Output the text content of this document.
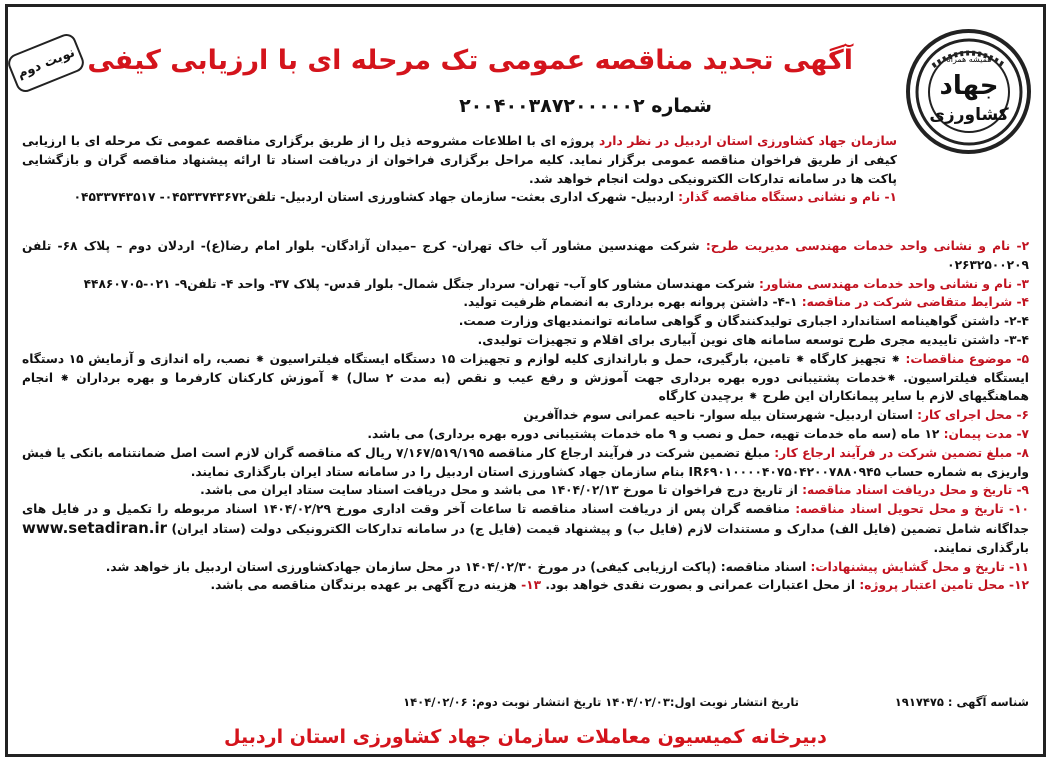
نوبت دوم آگهی تجدید مناقصه عمومی تک مرحله ای با ارزیابی کیفی
شماره ۲۰۰۴۰۰۳۸۷۲۰۰۰۰۰۲
جهاد
کشاورزی
همیشه همراه

سازمان جهاد کشاورزی استان اردبیل در نظر دارد پروژه ای با اطلاعات مشروحه ذیل را از طریق برگزاری مناقصه عمومی تک مرحله ای با ارزیابی کیفی از طریق فراخوان مناقصه عمومی برگزار نماید. کلیه مراحل برگزاری فراخوان از دریافت اسناد تا ارائه پیشنهاد مناقصه گران و بازگشایی پاکت ها در سامانه تدارکات الکترونیکی دولت انجام خواهد شد.

۱- نام و نشانی دستگاه مناقصه گذار: اردبیل- شهرک اداری بعثت- سازمان جهاد کشاورزی استان اردبیل- تلفن۰۴۵۳۳۷۴۳۶۷۲- ۰۴۵۳۳۷۴۳۵۱۷

۲- نام و نشانی واحد خدمات مهندسی مدیریت طرح: شرکت مهندسین مشاور آب خاک تهران- کرج –میدان آزادگان- بلوار امام رضا(ع)- اردلان دوم – پلاک ۶۸- تلفن ۰۲۶۳۲۵۰۰۲۰۹

۳- نام و نشانی واحد خدمات مهندسی مشاور: شرکت مهندسان مشاور کاو آب- تهران- سردار جنگل شمال- بلوار قدس- پلاک ۳۷- واحد ۴- تلفن۹- ۰۲۱-۴۴۸۶۰۷۰۵

۴- شرایط متقاضی شرکت در مناقصه: ۱-۴- داشتن پروانه بهره برداری به انضمام ظرفیت تولید.

۲-۴- داشتن گواهینامه استاندارد اجباری تولیدکنندگان و گواهی سامانه توانمندیهای وزارت صمت.

۳-۴- داشتن تاییدیه مجری طرح توسعه سامانه های نوین آبیاری برای اقلام و تجهیزات تولیدی.

۵- موضوع مناقصات: ⁕ تجهیز کارگاه ⁕ تامین، بارگیری، حمل و باراندازی کلیه لوازم و تجهیزات ۱۵ دستگاه ایستگاه فیلتراسیون ⁕ نصب، راه اندازی و آزمایش ۱۵ دستگاه ایستگاه فیلتراسیون. ⁕خدمات پشتیبانی دوره بهره برداری جهت آموزش و رفع عیب و نقص (به مدت ۲ سال) ⁕ آموزش کارکنان کارفرما و بهره برداران ⁕ انجام هماهنگیهای لازم با سایر پیمانکاران این طرح ⁕ برچیدن کارگاه

۶- محل اجرای کار: استان اردبیل- شهرستان بیله سوار- ناحیه عمرانی سوم خداآفرین

۷- مدت پیمان: ۱۲ ماه (سه ماه خدمات تهیه، حمل و نصب و ۹ ماه خدمات پشتیبانی دوره بهره برداری) می باشد.

۸- مبلغ تضمین شرکت در فرآیند ارجاع کار: مبلغ تضمین شرکت در فرآیند ارجاع کار مناقصه ۷/۱۶۷/۵۱۹/۱۹۵ ریال که مناقصه گران لازم است اصل ضمانتنامه بانکی یا فیش واریزی به شماره حساب IR۶۹۰۱۰۰۰۰۴۰۷۵۰۴۲۰۰۷۸۸۰۹۴۵ بنام سازمان جهاد کشاورزی استان اردبیل را در سامانه ستاد ایران بارگذاری نمایند.

۹- تاریخ و محل دریافت اسناد مناقصه: از تاریخ درج فراخوان تا مورخ ۱۴۰۴/۰۲/۱۳ می باشد و محل دریافت اسناد سایت ستاد ایران می باشد.

۱۰- تاریخ و محل تحویل اسناد مناقصه: مناقصه گران پس از دریافت اسناد مناقصه تا ساعات آخر وقت اداری مورخ ۱۴۰۴/۰۲/۲۹ اسناد مربوطه را تکمیل و در فایل های جداگانه شامل تضمین (فایل الف) مدارک و مستندات لازم (فایل ب) و پیشنهاد قیمت (فایل ج) در سامانه تدارکات الکترونیکی دولت (ستاد ایران) www.setadiran.ir بارگذاری نمایند.

۱۱- تاریخ و محل گشایش پیشنهادات: اسناد مناقصه: (پاکت ارزیابی کیفی) در مورخ ۱۴۰۴/۰۲/۳۰ در محل سازمان جهادکشاورزی استان اردبیل باز خواهد شد.

۱۲- محل تامین اعتبار پروژه: از محل اعتبارات عمرانی و بصورت نقدی خواهد بود. ۱۳- هزینه درج آگهی بر عهده برندگان مناقصه می باشد.

شناسه آگهی : ۱۹۱۷۴۷۵
تاریخ انتشار نوبت اول:۱۴۰۴/۰۲/۰۳ تاریخ انتشار نوبت دوم: ۱۴۰۴/۰۲/۰۶
دبیرخانه کمیسیون معاملات سازمان جهاد کشاورزی استان اردبیل
